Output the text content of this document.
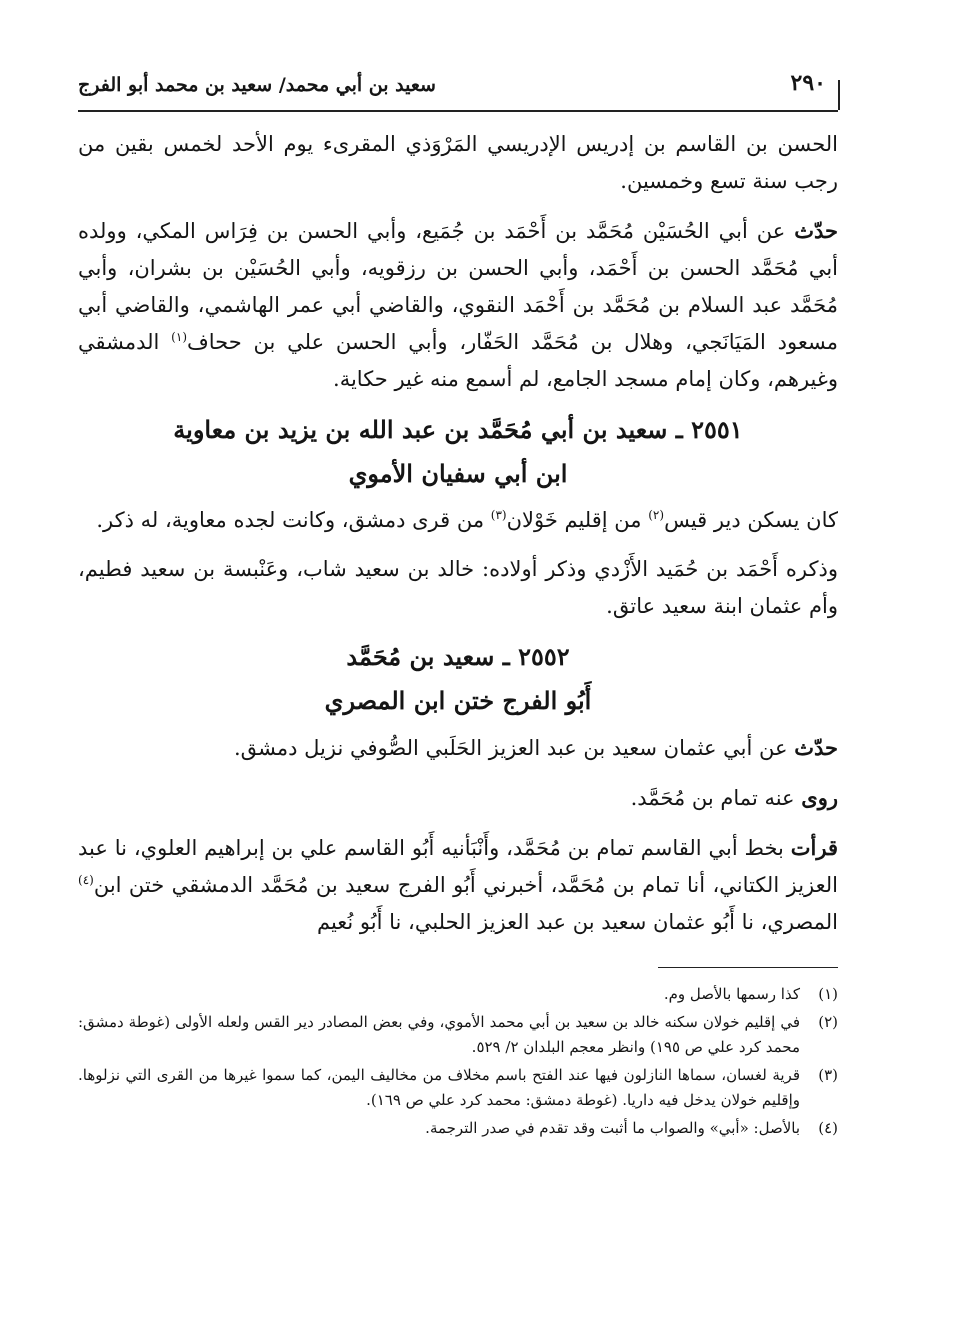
٢٩٠
سعيد بن أبي محمد/ سعيد بن محمد أبو الفرج

الحسن بن القاسم بن إدريس الإدريسي المَرْوَذي المقرىء يوم الأحد لخمس بقين من رجب سنة تسع وخمسين.

حدّث عن أبي الحُسَيْن مُحَمَّد بن أَحْمَد بن جُمَيع، وأبي الحسن بن فِرَاس المكي، وولده أبي مُحَمَّد الحسن بن أَحْمَد، وأبي الحسن بن رزقويه، وأبي الحُسَيْن بن بشران، وأبي مُحَمَّد عبد السلام بن مُحَمَّد بن أَحْمَد النقوي، والقاضي أبي عمر الهاشمي، والقاضي أبي مسعود المَيَانَجي، وهلال بن مُحَمَّد الحَفّار، وأبي الحسن علي بن ححاف$^{(١)}$ الدمشقي وغيرهم، وكان إمام مسجد الجامع، لم أسمع منه غير حكاية.

٢٥٥١ ـ سعيد بن أبي مُحَمَّد بن عبد الله بن يزيد بن معاوية
ابن أبي سفيان الأموي

كان يسكن دير قيس$^{(٢)}$ من إقليم خَوْلان$^{(٣)}$ من قرى دمشق، وكانت لجده معاوية، له ذكر.

وذكره أَحْمَد بن حُمَيد الأَزْدي وذكر أولاده: خالد بن سعيد شاب، وعَنْبسة بن سعيد فطيم، وأم عثمان ابنة سعيد عاتق.

٢٥٥٢ ـ سعيد بن مُحَمَّد
أَبُو الفرج ختن ابن المصري

حدّث عن أبي عثمان سعيد بن عبد العزيز الحَلَبي الصُّوفي نزيل دمشق.

روى عنه تمام بن مُحَمَّد.

قرأت بخط أبي القاسم تمام بن مُحَمَّد، وأَنْبَأنيه أَبُو القاسم علي بن إبراهيم العلوي، نا عبد العزيز الكتاني، أنا تمام بن مُحَمَّد، أخبرني أَبُو الفرج سعيد بن مُحَمَّد الدمشقي ختن ابن$^{(٤)}$ المصري، نا أَبُو عثمان سعيد بن عبد العزيز الحلبي، نا أَبُو نُعيم

(١)
كذا رسمها بالأصل وم.
(٢)
في إقليم خولان سكنه خالد بن سعيد بن أبي محمد الأموي، وفي بعض المصادر دير القس ولعله الأولى (غوطة دمشق: محمد كرد علي ص ١٩٥) وانظر معجم البلدان ٢/ ٥٢٩.
(٣)
قرية لغسان، سماها النازلون فيها عند الفتح باسم مخلاف من مخاليف اليمن، كما سموا غيرها من القرى التي نزلوها. وإقليم خولان يدخل فيه داريا. (غوطة دمشق: محمد كرد علي ص ١٦٩).
(٤)
بالأصل: «أبي» والصواب ما أثبت وقد تقدم في صدر الترجمة.
